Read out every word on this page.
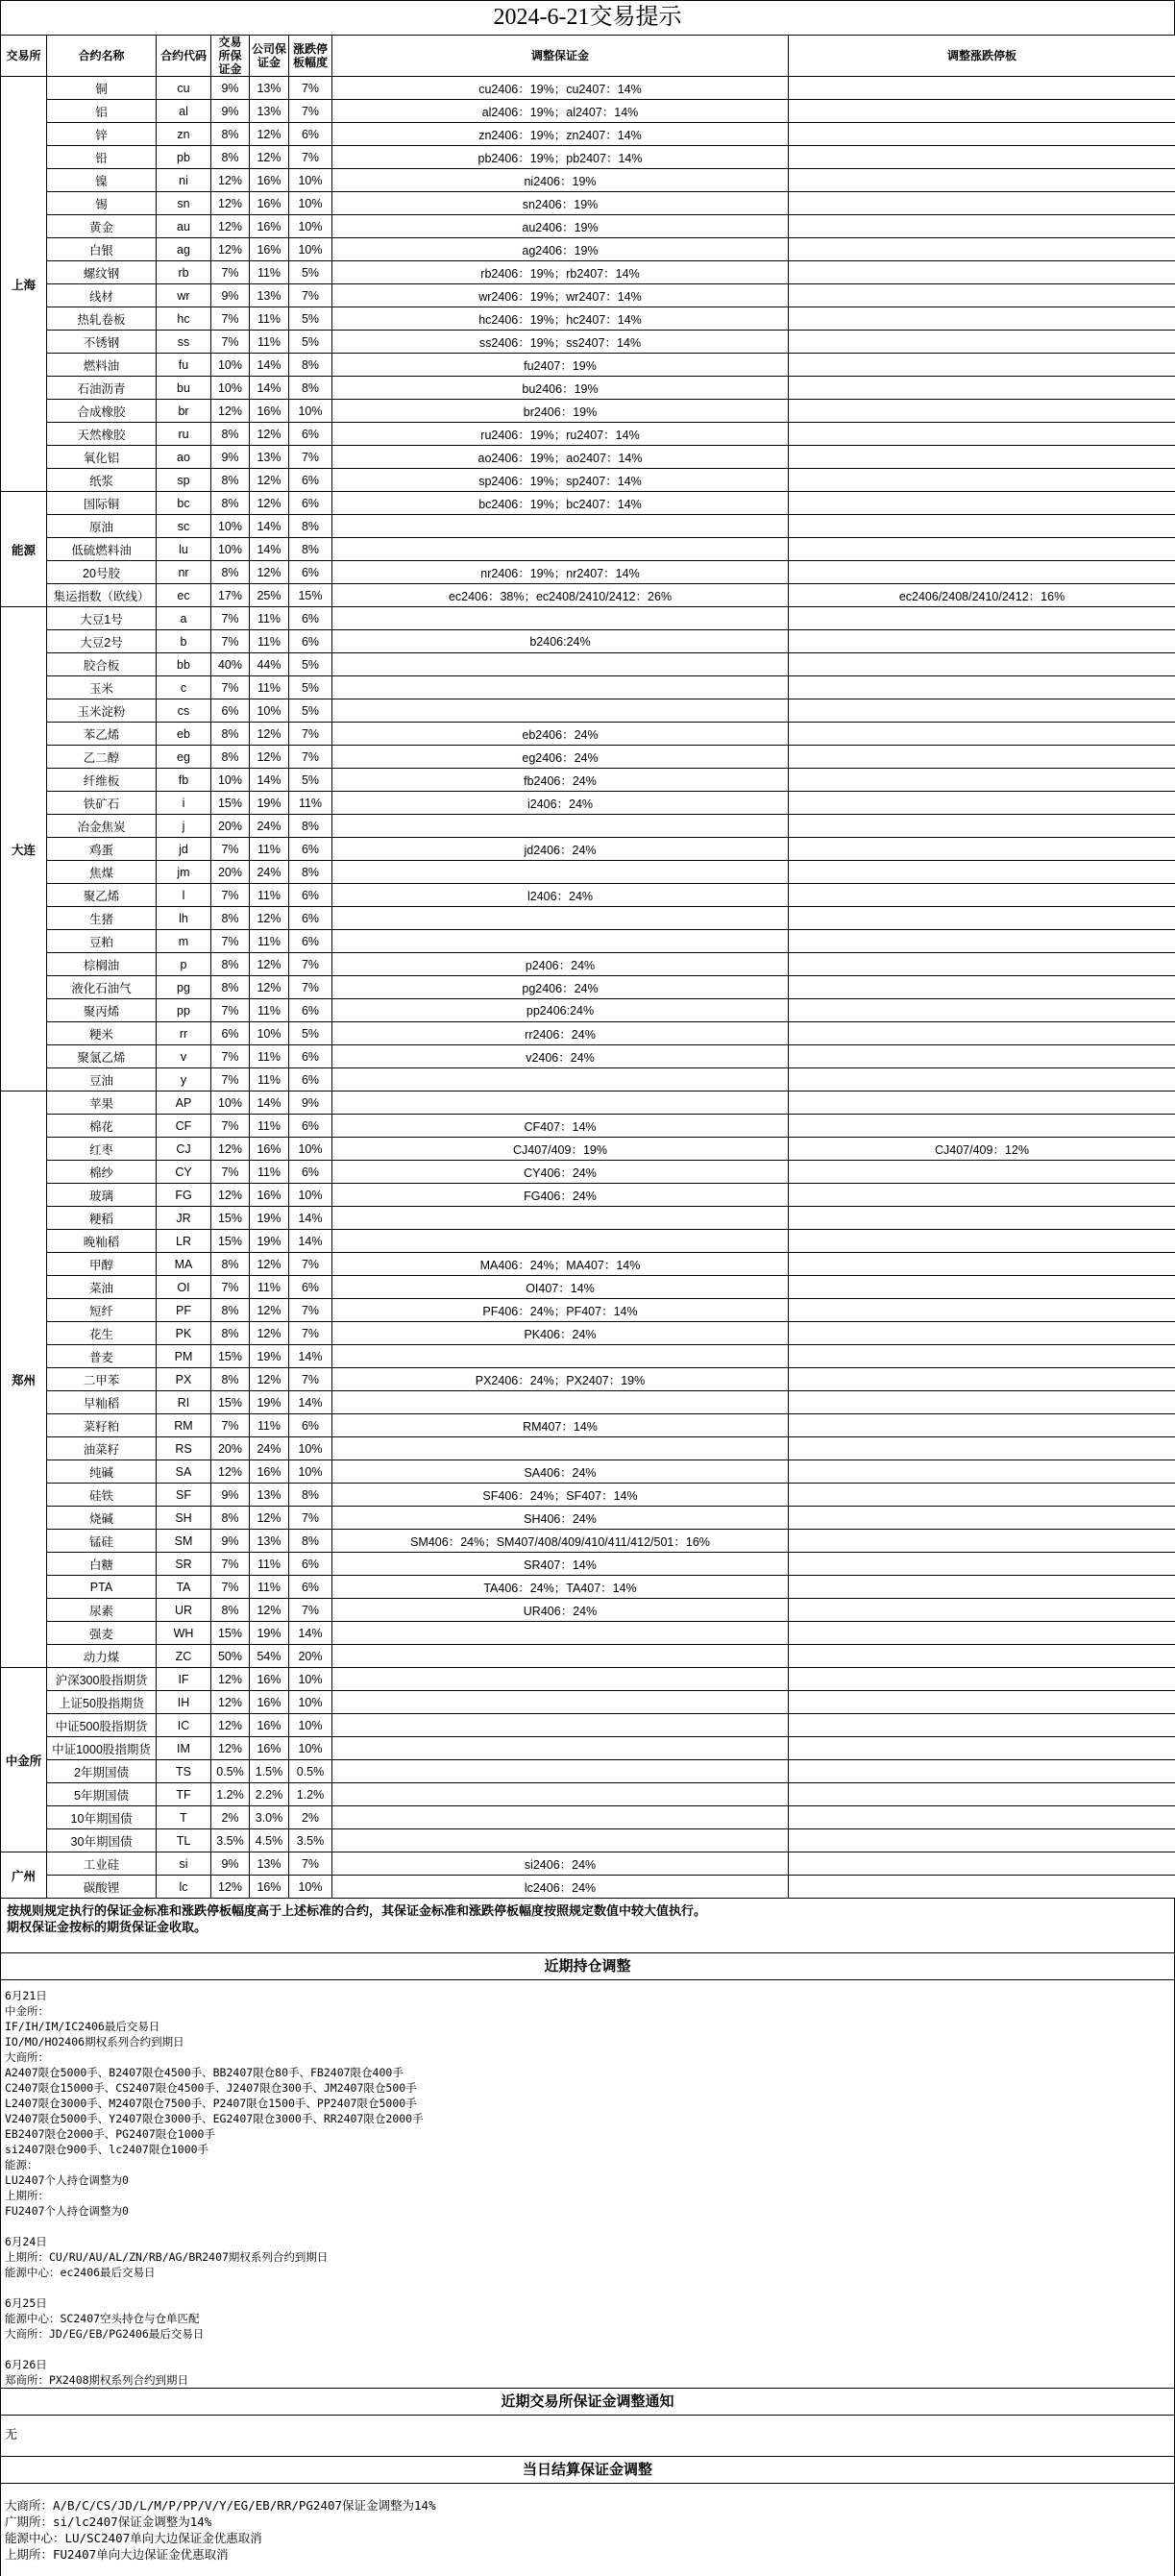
2024-6-21交易提示
交易所	合约名称	合约代码	交易所保证金	公司保证金	涨跌停板幅度	调整保证金	调整涨跌停板
上海	铜	cu	9%	13%	7%	cu2406：19%；cu2407：14%	
	铝	al	9%	13%	7%	al2406：19%；al2407：14%	
	锌	zn	8%	12%	6%	zn2406：19%；zn2407：14%	
	铅	pb	8%	12%	7%	pb2406：19%；pb2407：14%	
	镍	ni	12%	16%	10%	ni2406：19%	
	锡	sn	12%	16%	10%	sn2406：19%	
	黄金	au	12%	16%	10%	au2406：19%	
	白银	ag	12%	16%	10%	ag2406：19%	
	螺纹钢	rb	7%	11%	5%	rb2406：19%；rb2407：14%	
	线材	wr	9%	13%	7%	wr2406：19%；wr2407：14%	
	热轧卷板	hc	7%	11%	5%	hc2406：19%；hc2407：14%	
	不锈钢	ss	7%	11%	5%	ss2406：19%；ss2407：14%	
	燃料油	fu	10%	14%	8%	fu2407：19%	
	石油沥青	bu	10%	14%	8%	bu2406：19%	
	合成橡胶	br	12%	16%	10%	br2406：19%	
	天然橡胶	ru	8%	12%	6%	ru2406：19%；ru2407：14%	
	氧化铝	ao	9%	13%	7%	ao2406：19%；ao2407：14%	
	纸浆	sp	8%	12%	6%	sp2406：19%；sp2407：14%	
能源	国际铜	bc	8%	12%	6%	bc2406：19%；bc2407：14%	
	原油	sc	10%	14%	8%		
	低硫燃料油	lu	10%	14%	8%		
	20号胶	nr	8%	12%	6%	nr2406：19%；nr2407：14%	
	集运指数（欧线）	ec	17%	25%	15%	ec2406：38%；ec2408/2410/2412：26%	ec2406/2408/2410/2412：16%
大连	大豆1号	a	7%	11%	6%		
	大豆2号	b	7%	11%	6%	b2406:24%	
	胶合板	bb	40%	44%	5%		
	玉米	c	7%	11%	5%		
	玉米淀粉	cs	6%	10%	5%		
	苯乙烯	eb	8%	12%	7%	eb2406：24%	
	乙二醇	eg	8%	12%	7%	eg2406：24%	
	纤维板	fb	10%	14%	5%	fb2406：24%	
	铁矿石	i	15%	19%	11%	i2406：24%	
	冶金焦炭	j	20%	24%	8%		
	鸡蛋	jd	7%	11%	6%	jd2406：24%	
	焦煤	jm	20%	24%	8%		
	聚乙烯	l	7%	11%	6%	l2406：24%	
	生猪	lh	8%	12%	6%		
	豆粕	m	7%	11%	6%		
	棕榈油	p	8%	12%	7%	p2406：24%	
	液化石油气	pg	8%	12%	7%	pg2406：24%	
	聚丙烯	pp	7%	11%	6%	pp2406:24%	
	粳米	rr	6%	10%	5%	rr2406：24%	
	聚氯乙烯	v	7%	11%	6%	v2406：24%	
	豆油	y	7%	11%	6%		
郑州	苹果	AP	10%	14%	9%		
	棉花	CF	7%	11%	6%	CF407：14%	
	红枣	CJ	12%	16%	10%	CJ407/409：19%	CJ407/409：12%
	棉纱	CY	7%	11%	6%	CY406：24%	
	玻璃	FG	12%	16%	10%	FG406：24%	
	粳稻	JR	15%	19%	14%		
	晚籼稻	LR	15%	19%	14%		
	甲醇	MA	8%	12%	7%	MA406：24%；MA407：14%	
	菜油	OI	7%	11%	6%	OI407：14%	
	短纤	PF	8%	12%	7%	PF406：24%；PF407：14%	
	花生	PK	8%	12%	7%	PK406：24%	
	普麦	PM	15%	19%	14%		
	二甲苯	PX	8%	12%	7%	PX2406：24%；PX2407：19%	
	早籼稻	RI	15%	19%	14%		
	菜籽粕	RM	7%	11%	6%	RM407：14%	
	油菜籽	RS	20%	24%	10%		
	纯碱	SA	12%	16%	10%	SA406：24%	
	硅铁	SF	9%	13%	8%	SF406：24%；SF407：14%	
	烧碱	SH	8%	12%	7%	SH406：24%	
	锰硅	SM	9%	13%	8%	SM406：24%；SM407/408/409/410/411/412/501：16%	
	白糖	SR	7%	11%	6%	SR407：14%	
	PTA	TA	7%	11%	6%	TA406：24%；TA407：14%	
	尿素	UR	8%	12%	7%	UR406：24%	
	强麦	WH	15%	19%	14%		
	动力煤	ZC	50%	54%	20%		
中金所	沪深300股指期货	IF	12%	16%	10%		
	上证50股指期货	IH	12%	16%	10%		
	中证500股指期货	IC	12%	16%	10%		
	中证1000股指期货	IM	12%	16%	10%		
	2年期国债	TS	0.5%	1.5%	0.5%		
	5年期国债	TF	1.2%	2.2%	1.2%		
	10年期国债	T	2%	3.0%	2%		
	30年期国债	TL	3.5%	4.5%	3.5%		
广州	工业硅	si	9%	13%	7%	si2406：24%	
	碳酸锂	lc	12%	16%	10%	lc2406：24%	
按规则规定执行的保证金标准和涨跌停板幅度高于上述标准的合约，其保证金标准和涨跌停板幅度按照规定数值中较大值执行。
期权保证金按标的期货保证金收取。
近期持仓调整
6月21日
中金所：
IF/IH/IM/IC2406最后交易日
IO/MO/HO2406期权系列合约到期日
大商所：
A2407限仓5000手、B2407限仓4500手、BB2407限仓80手、FB2407限仓400手
C2407限仓15000手、CS2407限仓4500手、J2407限仓300手、JM2407限仓500手
L2407限仓3000手、M2407限仓7500手、P2407限仓1500手、PP2407限仓5000手
V2407限仓5000手、Y2407限仓3000手、EG2407限仓3000手、RR2407限仓2000手
EB2407限仓2000手、PG2407限仓1000手
si2407限仓900手、lc2407限仓1000手
能源：
LU2407个人持仓调整为0
上期所：
FU2407个人持仓调整为0

6月24日
上期所：CU/RU/AU/AL/ZN/RB/AG/BR2407期权系列合约到期日
能源中心：ec2406最后交易日

6月25日
能源中心：SC2407空头持仓与仓单匹配
大商所：JD/EG/EB/PG2406最后交易日

6月26日
郑商所：PX2408期权系列合约到期日
近期交易所保证金调整通知
无
当日结算保证金调整
大商所：A/B/C/CS/JD/L/M/P/PP/V/Y/EG/EB/RR/PG2407保证金调整为14%
广期所：si/lc2407保证金调整为14%
能源中心：LU/SC2407单向大边保证金优惠取消
上期所：FU2407单向大边保证金优惠取消
